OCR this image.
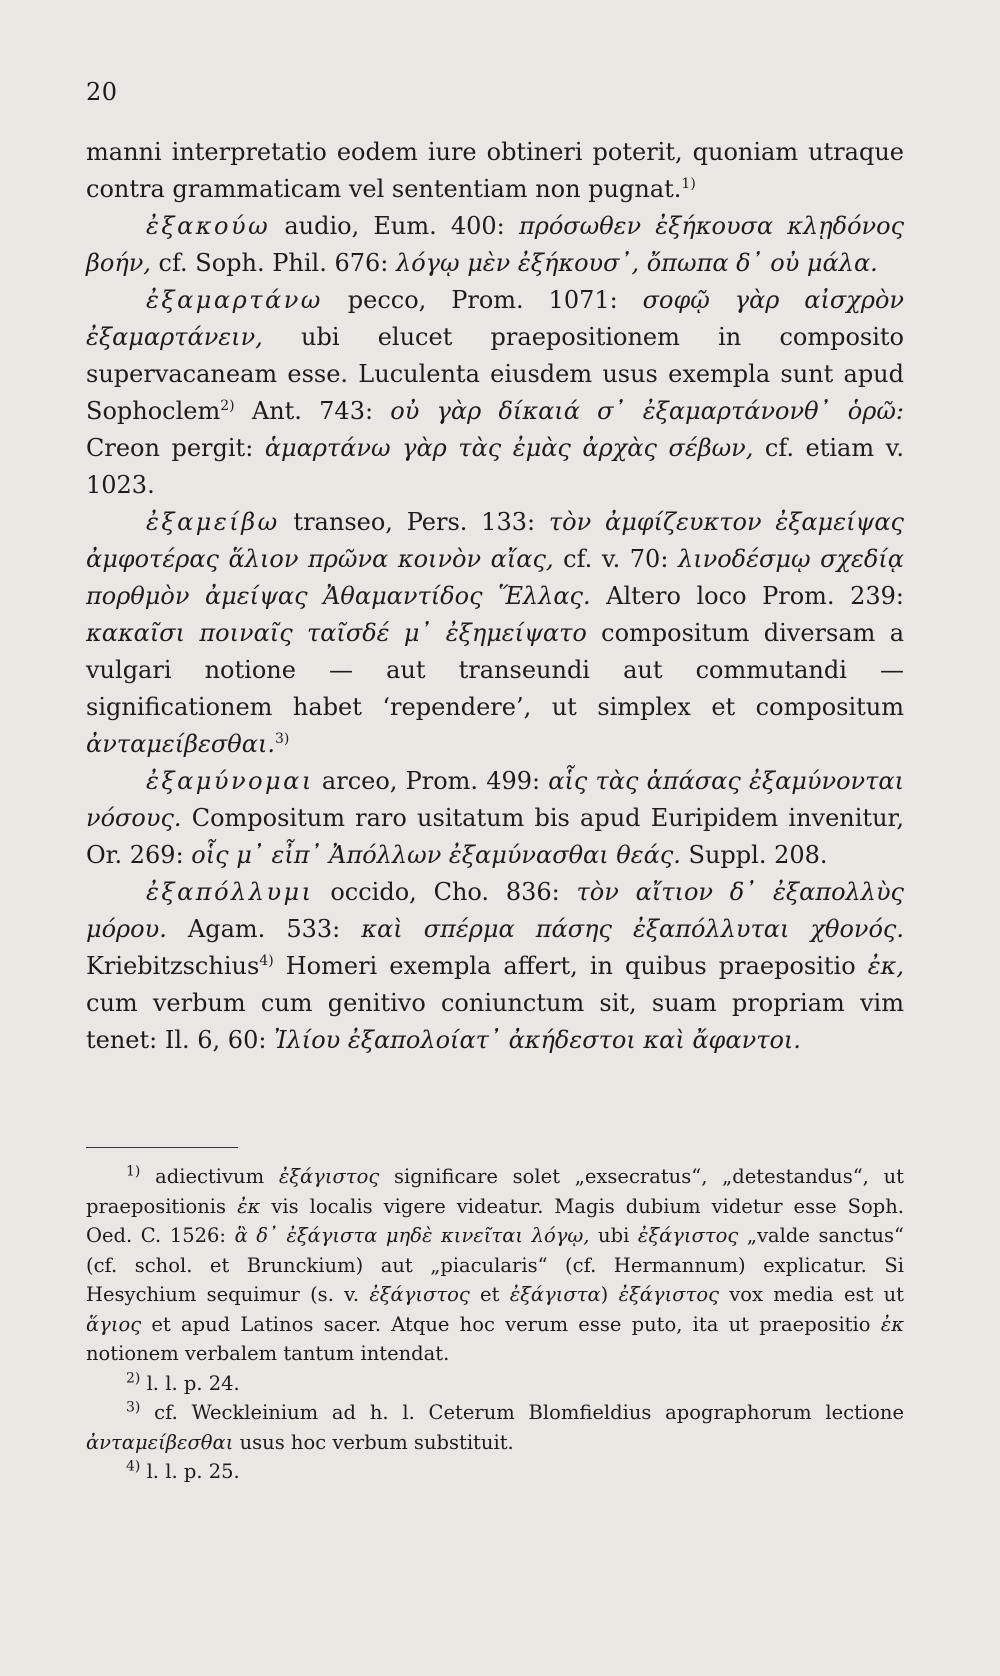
20

manni interpretatio eodem iure obtineri poterit, quoniam utraque contra grammaticam vel sententiam non pugnat.$^{1)}$

ἐξακούω audio, Eum. 400: πρόσωθεν ἐξήκουσα κλῃδόνος βοήν, cf. Soph. Phil. 676: λόγῳ μὲν ἐξήκουσ᾽, ὄπωπα δ᾽ οὐ μάλα.

ἐξαμαρτάνω pecco, Prom. 1071: σοφῷ γὰρ αἰσχρὸν ἐξαμαρτάνειν, ubi elucet praepositionem in composito supervacaneam esse. Luculenta eiusdem usus exempla sunt apud Sophoclem$^{2)}$ Ant. 743: οὐ γὰρ δίκαιά σ᾽ ἐξαμαρτάνονθ᾽ ὁρῶ: Creon pergit: ἁμαρτάνω γὰρ τὰς ἐμὰς ἀρχὰς σέβων, cf. etiam v. 1023.

ἐξαμείβω transeo, Pers. 133: τὸν ἀμφίζευκτον ἐξαμείψας ἀμφοτέρας ἅλιον πρῶνα κοινὸν αἴας, cf. v. 70: λινοδέσμῳ σχεδίᾳ πορθμὸν ἀμείψας Ἀθαμαντίδος Ἕλλας. Altero loco Prom. 239: κακαῖσι ποιναῖς ταῖσδέ μ᾽ ἐξημείψατο compositum diversam a vulgari notione — aut transeundi aut commutandi — significationem habet ‘rependere’, ut simplex et compositum ἀνταμείβεσθαι.$^{3)}$

ἐξαμύνομαι arceo, Prom. 499: αἷς τὰς ἁπάσας ἐξαμύνονται νόσους. Compositum raro usitatum bis apud Euripidem invenitur, Or. 269: οἷς μ᾽ εἶπ᾽ Ἀπόλλων ἐξαμύνασθαι θεάς. Suppl. 208.

ἐξαπόλλυμι occido, Cho. 836: τὸν αἴτιον δ᾽ ἐξαπολλὺς μόρου. Agam. 533: καὶ σπέρμα πάσης ἐξαπόλλυται χθονός. Kriebitzschius$^{4)}$ Homeri exempla affert, in quibus praepositio ἐκ, cum verbum cum genitivo coniunctum sit, suam propriam vim tenet: Il. 6, 60: Ἰλίου ἐξαπολοίατ᾽ ἀκήδεστοι καὶ ἄφαντοι.

$^{1)}$ adiectivum ἐξάγιστος significare solet „exsecratus“, „detestandus“, ut praepositionis ἐκ vis localis vigere videatur. Magis dubium videtur esse Soph. Oed. C. 1526: ἃ δ᾽ ἐξάγιστα μηδὲ κινεῖται λόγῳ, ubi ἐξάγιστος „valde sanctus“ (cf. schol. et Brunckium) aut „piacularis“ (cf. Hermannum) explicatur. Si Hesychium sequimur (s. v. ἐξάγιστος et ἐξάγιστα) ἐξάγιστος vox media est ut ἅγιος et apud Latinos sacer. Atque hoc verum esse puto, ita ut praepositio ἐκ notionem verbalem tantum intendat.

$^{2)}$ l. l. p. 24.

$^{3)}$ cf. Weckleinium ad h. l. Ceterum Blomfieldius apographorum lectione ἀνταμείβεσθαι usus hoc verbum substituit.

$^{4)}$ l. l. p. 25.
